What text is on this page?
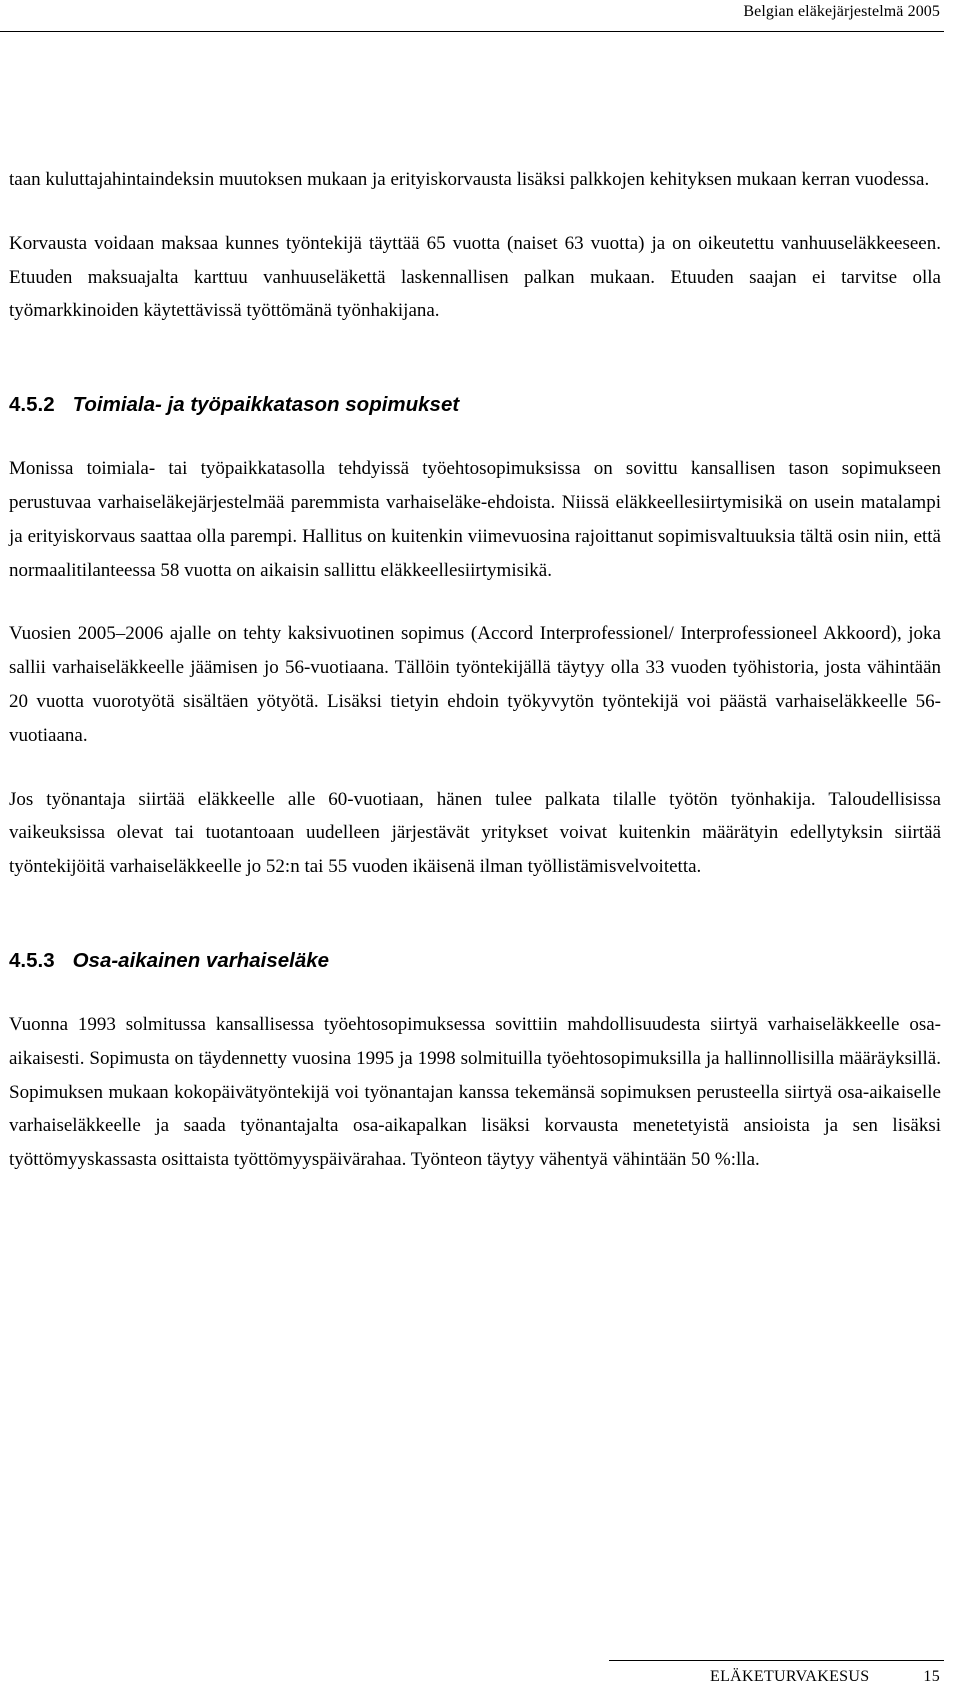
Belgian eläkejärjestelmä 2005

taan kuluttajahintaindeksin muutoksen mukaan ja erityiskorvausta lisäksi palkkojen kehityksen mukaan kerran vuodessa.

Korvausta voidaan maksaa kunnes työntekijä täyttää 65 vuotta (naiset 63 vuotta) ja on oikeutettu vanhuuseläkkeeseen. Etuuden maksuajalta karttuu vanhuuseläkettä laskennallisen palkan mukaan. Etuuden saajan ei tarvitse olla työmarkkinoiden käytettävissä työttömänä työnhakijana.

4.5.2 Toimiala- ja työpaikkatason sopimukset

Monissa toimiala- tai työpaikkatasolla tehdyissä työehtosopimuksissa on sovittu kansallisen tason sopimukseen perustuvaa varhaiseläkejärjestelmää paremmista varhaiseläke-ehdoista. Niissä eläkkeellesiirtymisikä on usein matalampi ja erityiskorvaus saattaa olla parempi. Hallitus on kuitenkin viimevuosina rajoittanut sopimisvaltuuksia tältä osin niin, että normaalitilanteessa 58 vuotta on aikaisin sallittu eläkkeellesiirtymisikä.

Vuosien 2005–2006 ajalle on tehty kaksivuotinen sopimus (Accord Interprofessionel/ Interprofessioneel Akkoord), joka sallii varhaiseläkkeelle jäämisen jo 56-vuotiaana. Tällöin työntekijällä täytyy olla 33 vuoden työhistoria, josta vähintään 20 vuotta vuorotyötä sisältäen yötyötä. Lisäksi tietyin ehdoin työkyvytön työntekijä voi päästä varhaiseläkkeelle 56-vuotiaana.

Jos työnantaja siirtää eläkkeelle alle 60-vuotiaan, hänen tulee palkata tilalle työtön työnhakija. Taloudellisissa vaikeuksissa olevat tai tuotantoaan uudelleen järjestävät yritykset voivat kuitenkin määrätyin edellytyksin siirtää työntekijöitä varhaiseläkkeelle jo 52:n tai 55 vuoden ikäisenä ilman työllistämisvelvoitetta.

4.5.3 Osa-aikainen varhaiseläke

Vuonna 1993 solmitussa kansallisessa työehtosopimuksessa sovittiin mahdollisuudesta siirtyä varhaiseläkkeelle osa-aikaisesti. Sopimusta on täydennetty vuosina 1995 ja 1998 solmituilla työehtosopimuksilla ja hallinnollisilla määräyksillä. Sopimuksen mukaan kokopäivätyöntekijä voi työnantajan kanssa tekemänsä sopimuksen perusteella siirtyä osa-aikaiselle varhaiseläkkeelle ja saada työnantajalta osa-aikapalkan lisäksi korvausta menetetyistä ansioista ja sen lisäksi työttömyyskassasta osittaista työttömyyspäivärahaa. Työnteon täytyy vähentyä vähintään 50 %:lla.

ELÄKETURVAKESUS	15
